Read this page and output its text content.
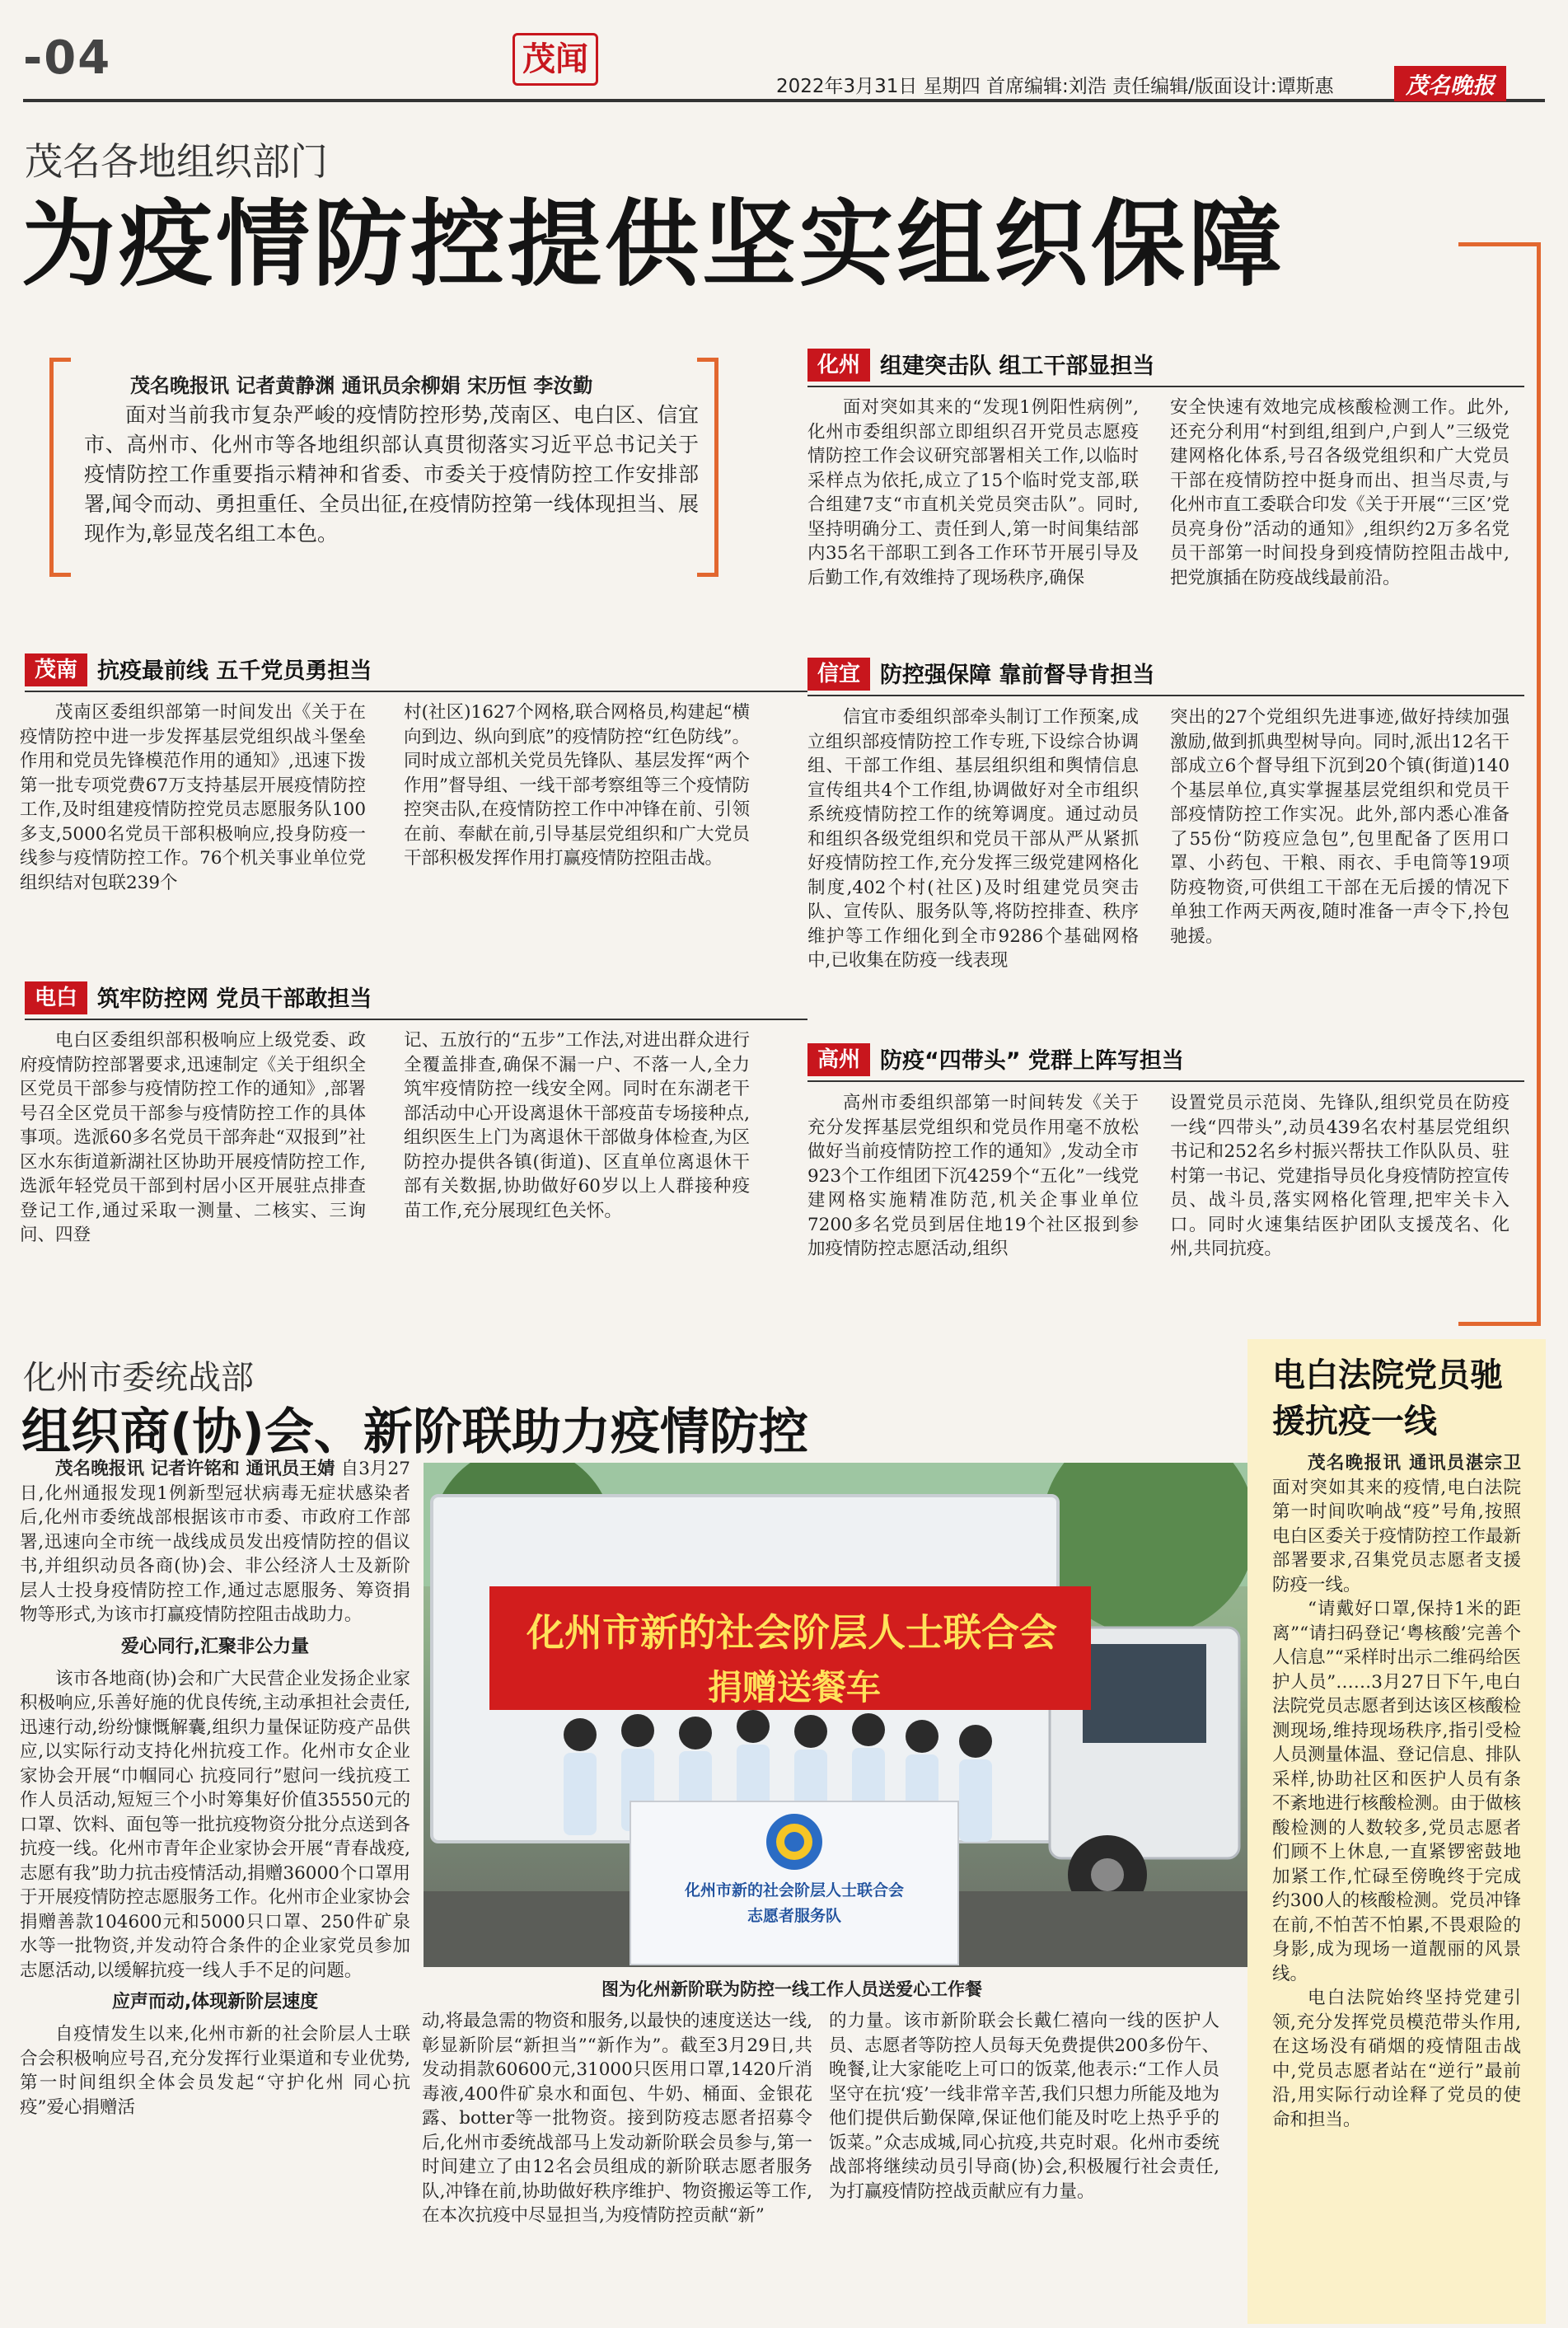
-04	茂闻
2022年3月31日 星期四 首席编辑:刘浩 责任编辑/版面设计:谭斯惠	茂名晚报
茂名各地组织部门
为疫情防控提供坚实组织保障
茂名晚报讯 记者黄静渊 通讯员余柳娟 宋历恒 李汝勤
面对当前我市复杂严峻的疫情防控形势,茂南区、电白区、信宜市、高州市、化州市等各地组织部认真贯彻落实习近平总书记关于疫情防控工作重要指示精神和省委、市委关于疫情防控工作安排部署,闻令而动、勇担重任、全员出征,在疫情防控第一线体现担当、展现作为,彰显茂名组工本色。
茂南 抗疫最前线 五千党员勇担当
茂南区委组织部第一时间发出《关于在疫情防控中进一步发挥基层党组织战斗堡垒作用和党员先锋模范作用的通知》,迅速下拨第一批专项党费67万支持基层开展疫情防控工作,及时组建疫情防控党员志愿服务队100多支,5000名党员干部积极响应,投身防疫一线参与疫情防控工作。76个机关事业单位党组织结对包联239个
村(社区)1627个网格,联合网格员,构建起“横向到边、纵向到底”的疫情防控“红色防线”。同时成立部机关党员先锋队、基层发挥“两个作用”督导组、一线干部考察组等三个疫情防控突击队,在疫情防控工作中冲锋在前、引领在前、奉献在前,引导基层党组织和广大党员干部积极发挥作用打赢疫情防控阻击战。
电白 筑牢防控网 党员干部敢担当
电白区委组织部积极响应上级党委、政府疫情防控部署要求,迅速制定《关于组织全区党员干部参与疫情防控工作的通知》,部署号召全区党员干部参与疫情防控工作的具体事项。选派60多名党员干部奔赴“双报到”社区水东街道新湖社区协助开展疫情防控工作,选派年轻党员干部到村居小区开展驻点排查登记工作,通过采取一测量、二核实、三询问、四登
记、五放行的“五步”工作法,对进出群众进行全覆盖排查,确保不漏一户、不落一人,全力筑牢疫情防控一线安全网。同时在东湖老干部活动中心开设离退休干部疫苗专场接种点,组织医生上门为离退休干部做身体检查,为区防控办提供各镇(街道)、区直单位离退休干部有关数据,协助做好60岁以上人群接种疫苗工作,充分展现红色关怀。
化州 组建突击队 组工干部显担当
面对突如其来的“发现1例阳性病例”,化州市委组织部立即组织召开党员志愿疫情防控工作会议研究部署相关工作,以临时采样点为依托,成立了15个临时党支部,联合组建7支“市直机关党员突击队”。同时,坚持明确分工、责任到人,第一时间集结部内35名干部职工到各工作环节开展引导及后勤工作,有效维持了现场秩序,确保
安全快速有效地完成核酸检测工作。此外,还充分利用“村到组,组到户,户到人”三级党建网格化体系,号召各级党组织和广大党员干部在疫情防控中挺身而出、担当尽责,与化州市直工委联合印发《关于开展“‘三区’党员亮身份”活动的通知》,组织约2万多名党员干部第一时间投身到疫情防控阻击战中,把党旗插在防疫战线最前沿。
信宜 防控强保障 靠前督导肯担当
信宜市委组织部牵头制订工作预案,成立组织部疫情防控工作专班,下设综合协调组、干部工作组、基层组织组和舆情信息宣传组共4个工作组,协调做好对全市组织系统疫情防控工作的统筹调度。通过动员和组织各级党组织和党员干部从严从紧抓好疫情防控工作,充分发挥三级党建网格化制度,402个村(社区)及时组建党员突击队、宣传队、服务队等,将防控排查、秩序维护等工作细化到全市9286个基础网格中,已收集在防疫一线表现
突出的27个党组织先进事迹,做好持续加强激励,做到抓典型树导向。同时,派出12名干部成立6个督导组下沉到20个镇(街道)140个基层单位,真实掌握基层党组织和党员干部疫情防控工作实况。此外,部内悉心准备了55份“防疫应急包”,包里配备了医用口罩、小药包、干粮、雨衣、手电筒等19项防疫物资,可供组工干部在无后援的情况下单独工作两天两夜,随时准备一声令下,拎包驰援。
高州 防疫“四带头” 党群上阵写担当
高州市委组织部第一时间转发《关于充分发挥基层党组织和党员作用毫不放松做好当前疫情防控工作的通知》,发动全市923个工作组团下沉4259个“五化”一线党建网格实施精准防范,机关企事业单位7200多名党员到居住地19个社区报到参加疫情防控志愿活动,组织
设置党员示范岗、先锋队,组织党员在防疫一线“四带头”,动员439名农村基层党组织书记和252名乡村振兴帮扶工作队队员、驻村第一书记、党建指导员化身疫情防控宣传员、战斗员,落实网格化管理,把牢关卡入口。同时火速集结医护团队支援茂名、化州,共同抗疫。
化州市委统战部
组织商(协)会、新阶联助力疫情防控
茂名晚报讯 记者许铭和 通讯员王婧 自3月27日,化州通报发现1例新型冠状病毒无症状感染者后,化州市委统战部根据该市市委、市政府工作部署,迅速向全市统一战线成员发出疫情防控的倡议书,并组织动员各商(协)会、非公经济人士及新阶层人士投身疫情防控工作,通过志愿服务、筹资捐物等形式,为该市打赢疫情防控阻击战助力。
爱心同行,汇聚非公力量
该市各地商(协)会和广大民营企业发扬企业家积极响应,乐善好施的优良传统,主动承担社会责任,迅速行动,纷纷慷慨解囊,组织力量保证防疫产品供应,以实际行动支持化州抗疫工作。化州市女企业家协会开展“巾帼同心 抗疫同行”慰问一线抗疫工作人员活动,短短三个小时筹集好价值35550元的口罩、饮料、面包等一批抗疫物资分批分点送到各抗疫一线。化州市青年企业家协会开展“青春战疫,志愿有我”助力抗击疫情活动,捐赠36000个口罩用于开展疫情防控志愿服务工作。化州市企业家协会捐赠善款104600元和5000只口罩、250件矿泉水等一批物资,并发动符合条件的企业家党员参加志愿活动,以缓解抗疫一线人手不足的问题。
应声而动,体现新阶层速度
自疫情发生以来,化州市新的社会阶层人士联合会积极响应号召,充分发挥行业渠道和专业优势,第一时间组织全体会员发起“守护化州 同心抗疫”爱心捐赠活
化州市新的社会阶层人士联合会
捐赠送餐车
化州市新的社会阶层人士联合会
志愿者服务队
图为化州新阶联为防控一线工作人员送爱心工作餐
动,将最急需的物资和服务,以最快的速度送达一线,彰显新阶层“新担当”“新作为”。截至3月29日,共发动捐款60600元,31000只医用口罩,1420斤消毒液,400件矿泉水和面包、牛奶、桶面、金银花露、botter等一批物资。接到防疫志愿者招募令后,化州市委统战部马上发动新阶联会员参与,第一时间建立了由12名会员组成的新阶联志愿者服务队,冲锋在前,协助做好秩序维护、物资搬运等工作,在本次抗疫中尽显担当,为疫情防控贡献“新”
的力量。该市新阶联会长戴仁禧向一线的医护人员、志愿者等防控人员每天免费提供200多份午、晚餐,让大家能吃上可口的饭菜,他表示:“工作人员坚守在抗‘疫’一线非常辛苦,我们只想力所能及地为他们提供后勤保障,保证他们能及时吃上热乎乎的饭菜。”众志成城,同心抗疫,共克时艰。化州市委统战部将继续动员引导商(协)会,积极履行社会责任,为打赢疫情防控战贡献应有力量。
电白法院党员驰援抗疫一线
茂名晚报讯 通讯员湛宗卫 面对突如其来的疫情,电白法院第一时间吹响战“疫”号角,按照电白区委关于疫情防控工作最新部署要求,召集党员志愿者支援防疫一线。
“请戴好口罩,保持1米的距离”“请扫码登记‘粤核酸’完善个人信息”“采样时出示二维码给医护人员”……3月27日下午,电白法院党员志愿者到达该区核酸检测现场,维持现场秩序,指引受检人员测量体温、登记信息、排队采样,协助社区和医护人员有条不紊地进行核酸检测。由于做核酸检测的人数较多,党员志愿者们顾不上休息,一直紧锣密鼓地加紧工作,忙碌至傍晚终于完成约300人的核酸检测。党员冲锋在前,不怕苦不怕累,不畏艰险的身影,成为现场一道靓丽的风景线。
电白法院始终坚持党建引领,充分发挥党员模范带头作用,在这场没有硝烟的疫情阻击战中,党员志愿者站在“逆行”最前沿,用实际行动诠释了党员的使命和担当。
